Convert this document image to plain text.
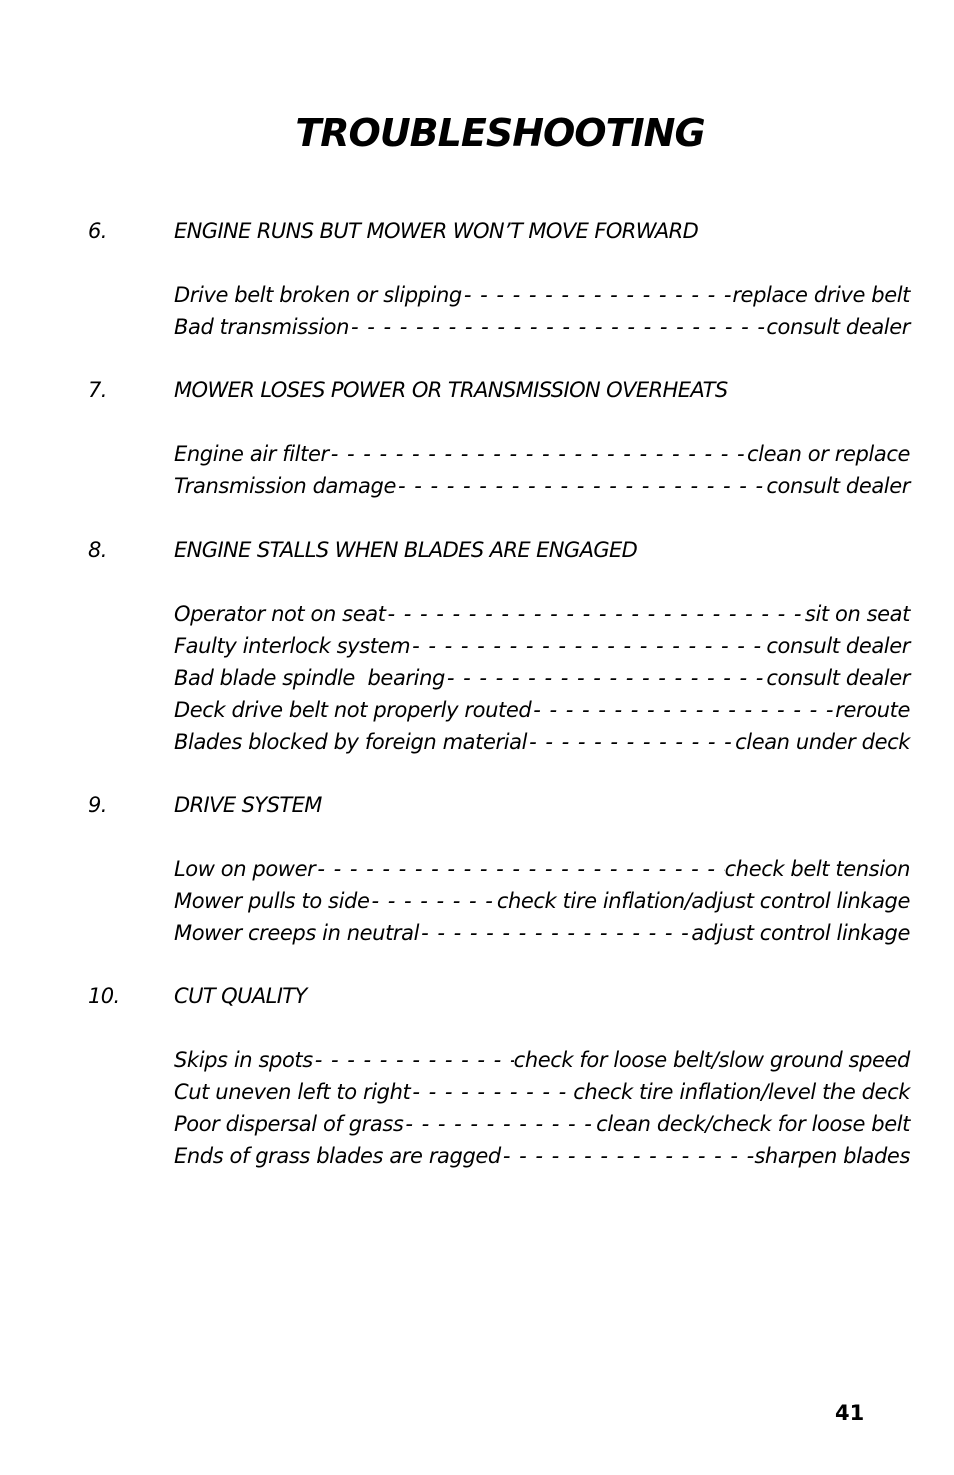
TROUBLESHOOTING
6.	ENGINE RUNS BUT MOWER WON’T MOVE FORWARD
Drive belt broken or slipping - - -	replace drive belt
Bad transmission - - -	consult dealer
7.	MOWER LOSES POWER OR TRANSMISSION OVERHEATS
Engine air filter - - -	clean or replace
Transmission damage - - -	consult dealer
8.	ENGINE STALLS WHEN BLADES ARE ENGAGED
Operator not on seat - - -	sit on seat
Faulty interlock system - - -	consult dealer
Bad blade spindle  bearing - - -	consult dealer
Deck drive belt not properly routed - - -	reroute
Blades blocked by foreign material - - -	clean under deck
9.	DRIVE SYSTEM
Low on power - - -	check belt tension
Mower pulls to side - - -	check tire inflation/adjust control linkage
Mower creeps in neutral - - -	adjust control linkage
10.	CUT QUALITY
Skips in spots - - -	check for loose belt/slow ground speed
Cut uneven left to right - - -	check tire inflation/level the deck
Poor dispersal of grass - - -	clean deck/check for loose belt
Ends of grass blades are ragged - - -	sharpen blades
41
